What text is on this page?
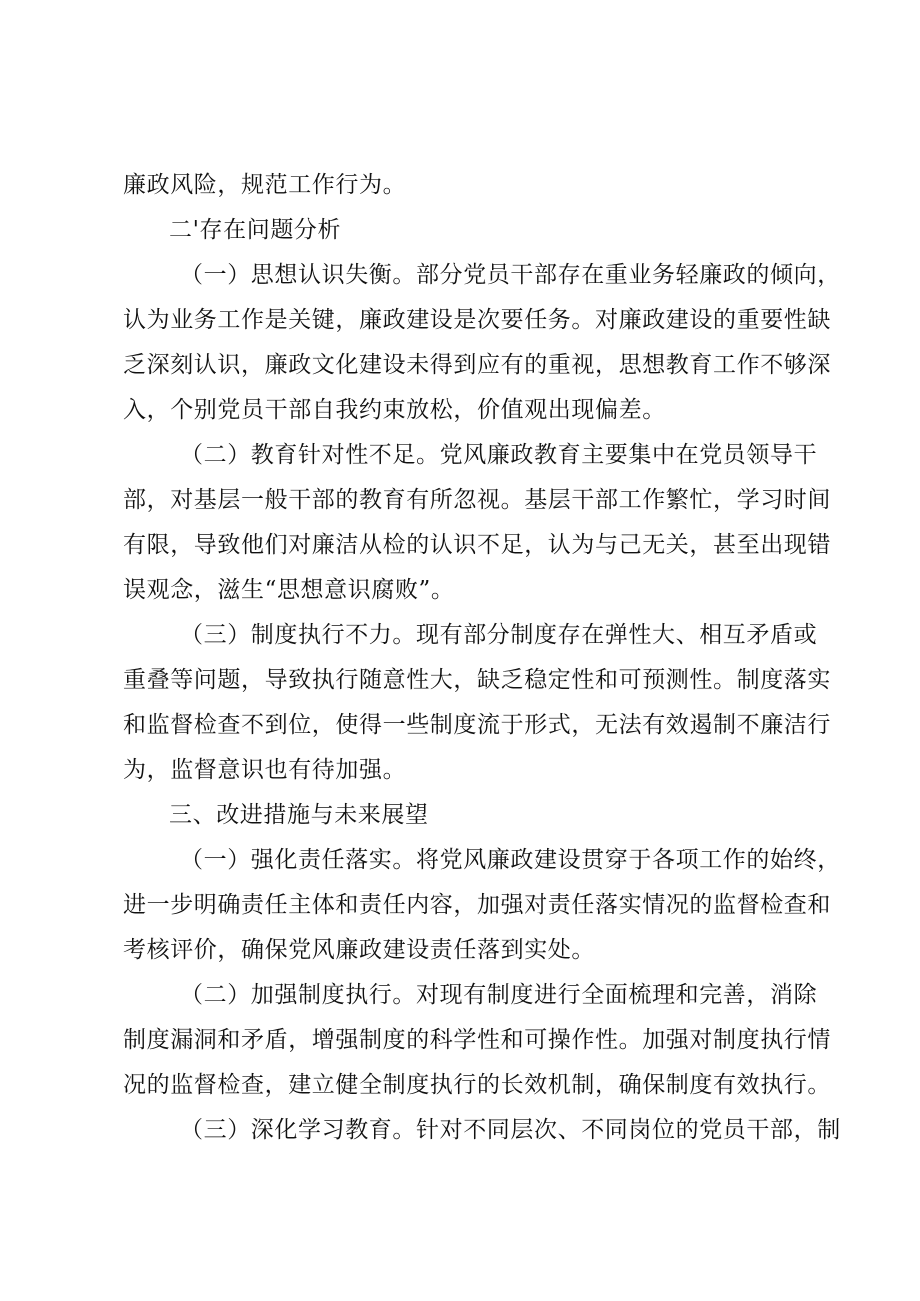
廉政风险，规范工作行为。
二'存在问题分析
（一）思想认识失衡。部分党员干部存在重业务轻廉政的倾向，
认为业务工作是关键，廉政建设是次要任务。对廉政建设的重要性缺
乏深刻认识，廉政文化建设未得到应有的重视，思想教育工作不够深
入，个别党员干部自我约束放松，价值观出现偏差。
（二）教育针对性不足。党风廉政教育主要集中在党员领导干
部，对基层一般干部的教育有所忽视。基层干部工作繁忙，学习时间
有限，导致他们对廉洁从检的认识不足，认为与己无关，甚至出现错
误观念，滋生“思想意识腐败”。
（三）制度执行不力。现有部分制度存在弹性大、相互矛盾或
重叠等问题，导致执行随意性大，缺乏稳定性和可预测性。制度落实
和监督检查不到位，使得一些制度流于形式，无法有效遏制不廉洁行
为，监督意识也有待加强。
三、改进措施与未来展望
（一）强化责任落实。将党风廉政建设贯穿于各项工作的始终，
进一步明确责任主体和责任内容，加强对责任落实情况的监督检查和
考核评价，确保党风廉政建设责任落到实处。
（二）加强制度执行。对现有制度进行全面梳理和完善，消除
制度漏洞和矛盾，增强制度的科学性和可操作性。加强对制度执行情
况的监督检查，建立健全制度执行的长效机制，确保制度有效执行。
（三）深化学习教育。针对不同层次、不同岗位的党员干部，制
